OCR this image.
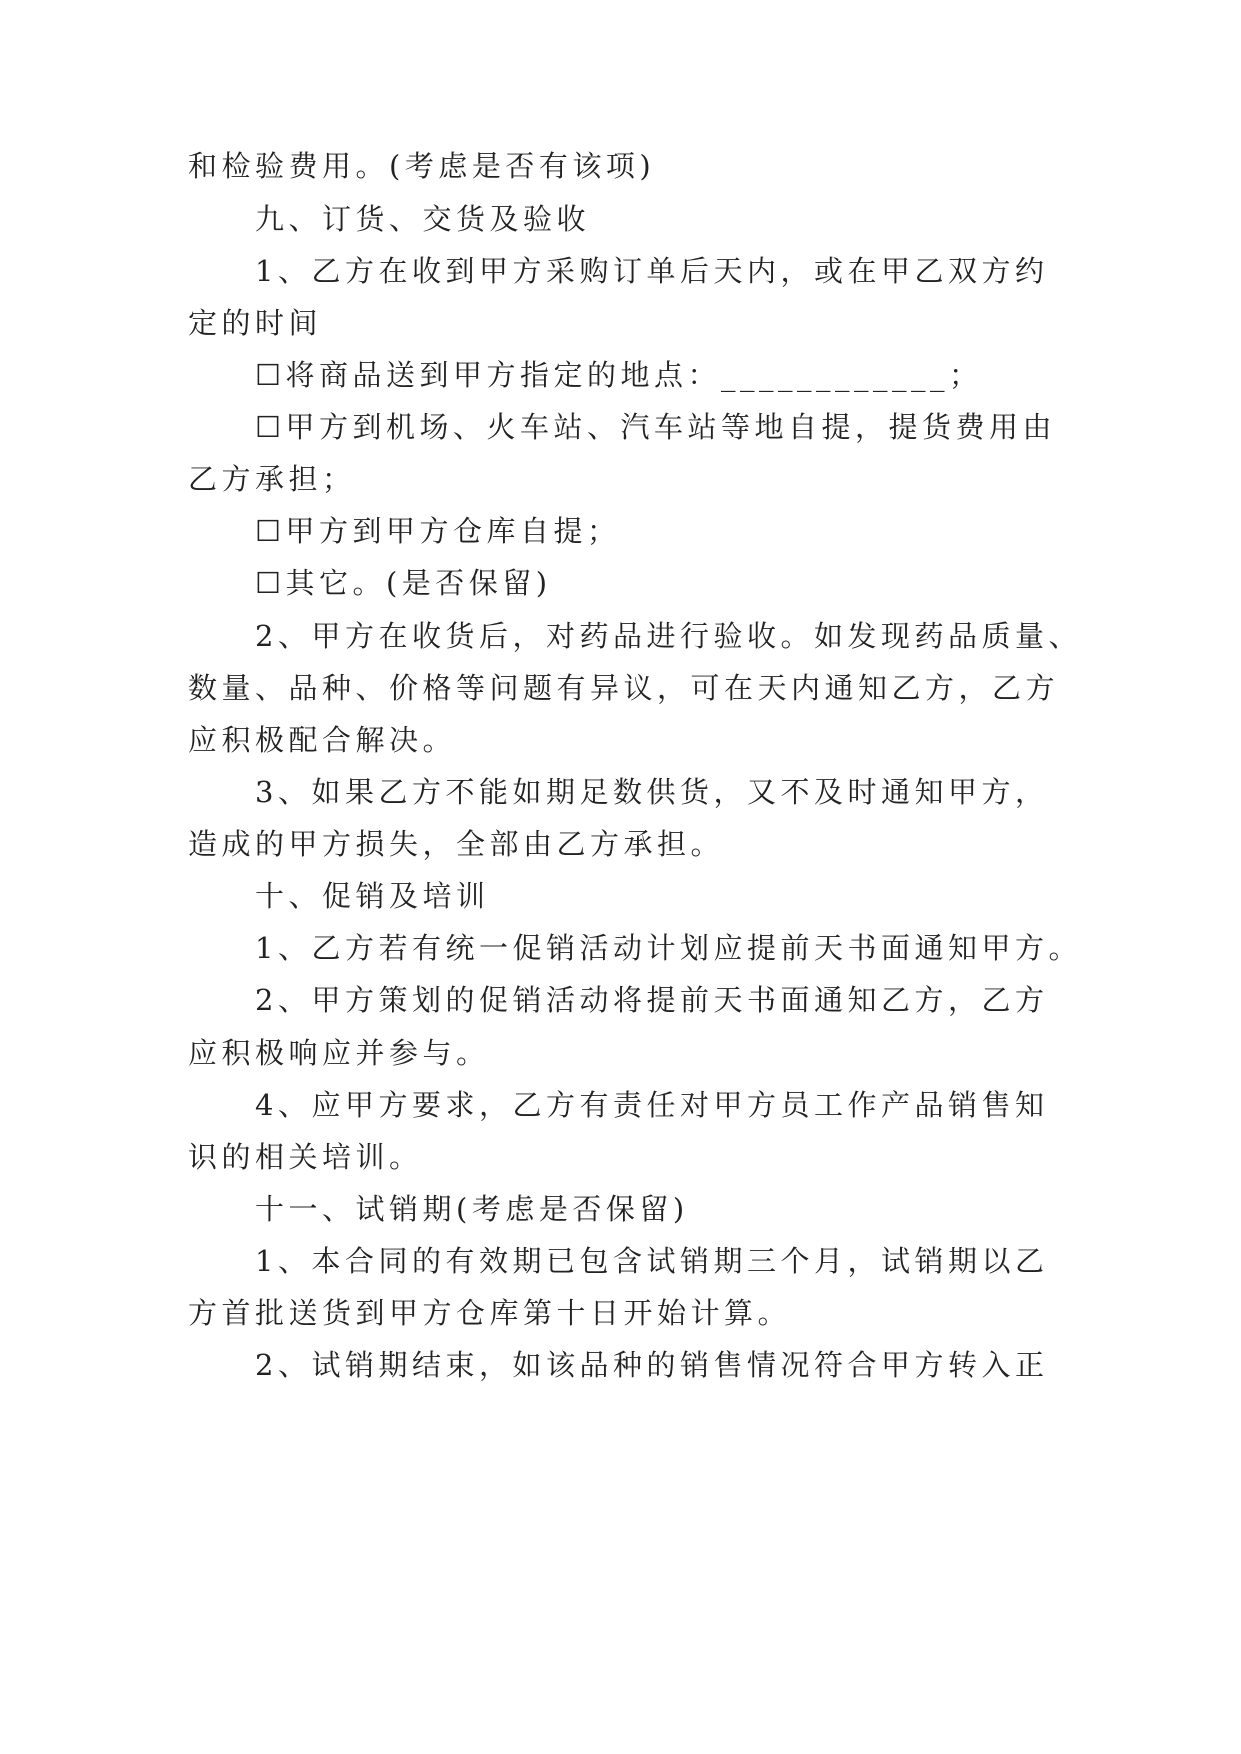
和检验费用。(考虑是否有该项)
九、订货、交货及验收
1、乙方在收到甲方采购订单后天内，或在甲乙双方约
定的时间
☐将商品送到甲方指定的地点：____________；
☐甲方到机场、火车站、汽车站等地自提，提货费用由
乙方承担；
☐甲方到甲方仓库自提；
☐其它。(是否保留)
2、甲方在收货后，对药品进行验收。如发现药品质量、
数量、品种、价格等问题有异议，可在天内通知乙方，乙方
应积极配合解决。
3、如果乙方不能如期足数供货，又不及时通知甲方，
造成的甲方损失，全部由乙方承担。
十、促销及培训
1、乙方若有统一促销活动计划应提前天书面通知甲方。
2、甲方策划的促销活动将提前天书面通知乙方，乙方
应积极响应并参与。
4、应甲方要求，乙方有责任对甲方员工作产品销售知
识的相关培训。
十一、试销期(考虑是否保留)
1、本合同的有效期已包含试销期三个月，试销期以乙
方首批送货到甲方仓库第十日开始计算。
2、试销期结束，如该品种的销售情况符合甲方转入正
